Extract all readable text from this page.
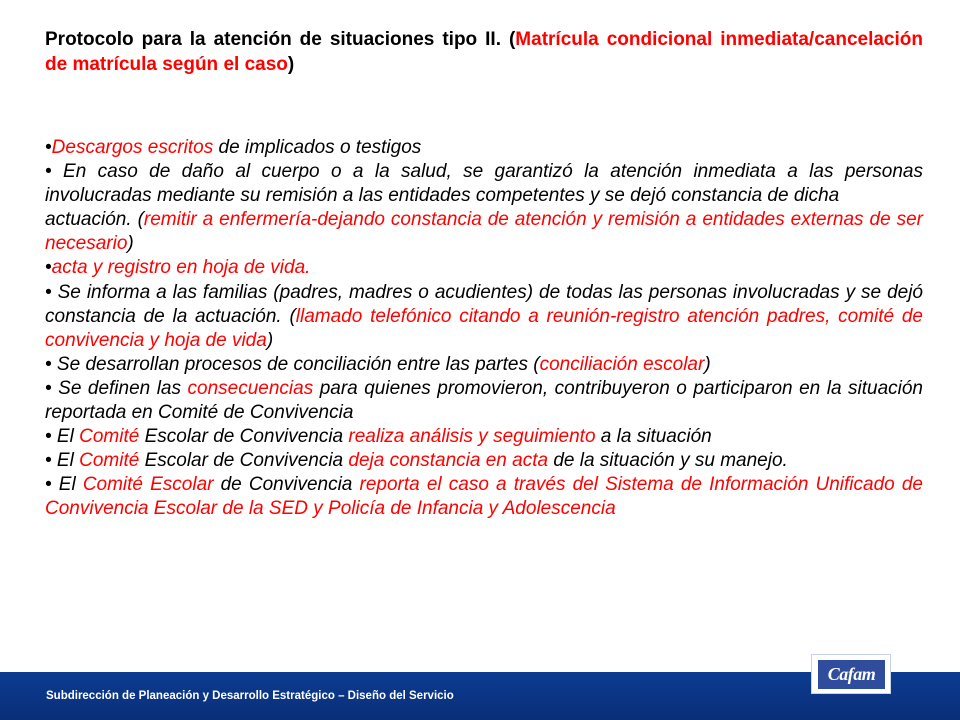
Protocolo para la atención de situaciones tipo II. (Matrícula condicional inmediata/cancelación de matrícula según el caso)

•Descargos escritos de implicados o testigos

• En caso de daño al cuerpo o a la salud, se garantizó la atención inmediata a las personas involucradas mediante su remisión a las entidades competentes y se dejó constancia de dicha

actuación. (remitir a enfermería-dejando constancia de atención y remisión a entidades externas de ser necesario)

•acta y registro en hoja de vida.

• Se informa a las familias (padres, madres o acudientes) de todas las personas involucradas y se dejó constancia de la actuación. (llamado telefónico citando a reunión-registro atención padres, comité de convivencia y hoja de vida)

• Se desarrollan procesos de conciliación entre las partes (conciliación escolar)

• Se definen las consecuencias para quienes promovieron, contribuyeron o participaron en la situación reportada en Comité de Convivencia

• El Comité Escolar de Convivencia realiza análisis y seguimiento a la situación

• El Comité Escolar de Convivencia deja constancia en acta de la situación y su manejo.

• El Comité Escolar de Convivencia reporta el caso a través del Sistema de Información Unificado de Convivencia Escolar de la SED y Policía de Infancia y Adolescencia

Subdirección de Planeación y Desarrollo Estratégico – Diseño del Servicio
Cafam
